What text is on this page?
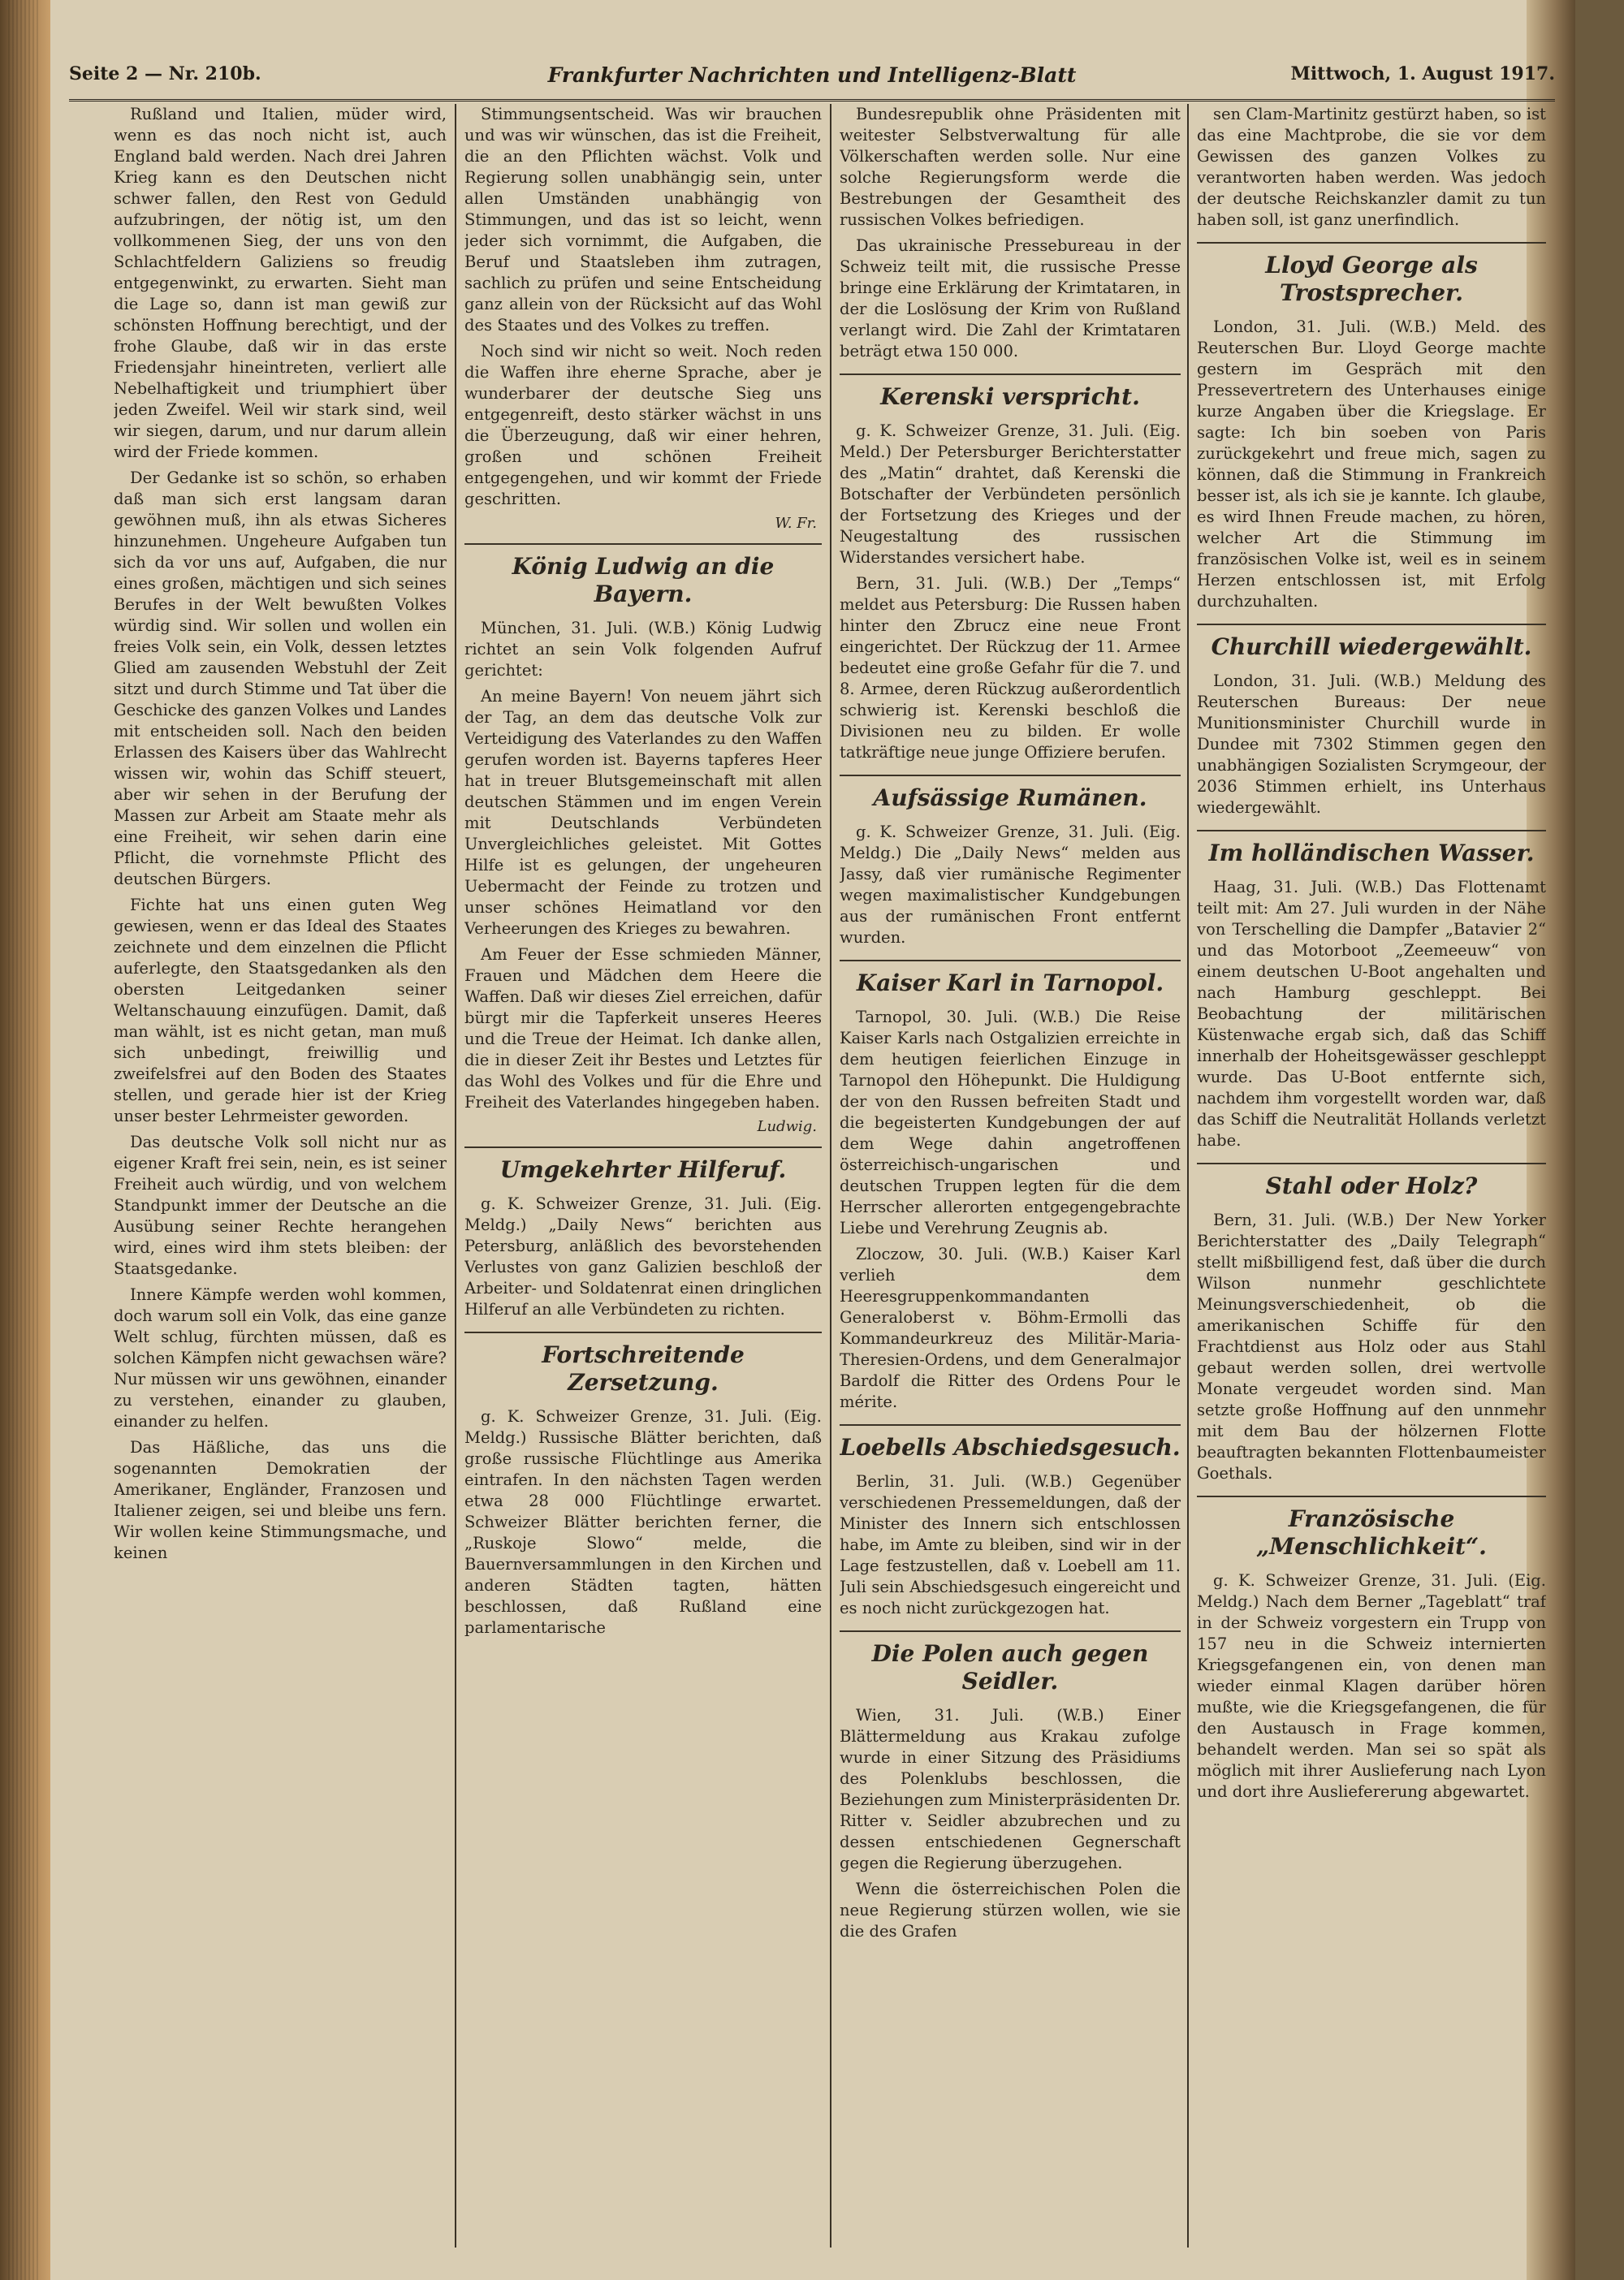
Seite 2 — Nr. 210b.	Frankfurter Nachrichten und Intelligenz-Blatt	Mittwoch, 1. August 1917.

Rußland und Italien, müder wird, wenn es das noch nicht ist, auch England bald werden. Nach drei Jahren Krieg kann es den Deutschen nicht schwer fallen, den Rest von Geduld aufzubringen, der nötig ist, um den vollkommenen Sieg, der uns von den Schlachtfeldern Galiziens so freudig entgegenwinkt, zu erwarten. Sieht man die Lage so, dann ist man gewiß zur schönsten Hoffnung berechtigt, und der frohe Glaube, daß wir in das erste Friedensjahr hineintreten, verliert alle Nebelhaftigkeit und triumphiert über jeden Zweifel. Weil wir stark sind, weil wir siegen, darum, und nur darum allein wird der Friede kommen.

Der Gedanke ist so schön, so erhaben daß man sich erst langsam daran gewöhnen muß, ihn als etwas Sicheres hinzunehmen. Ungeheure Aufgaben tun sich da vor uns auf, Aufgaben, die nur eines großen, mächtigen und sich seines Berufes in der Welt bewußten Volkes würdig sind. Wir sollen und wollen ein freies Volk sein, ein Volk, dessen letztes Glied am zausenden Webstuhl der Zeit sitzt und durch Stimme und Tat über die Geschicke des ganzen Volkes und Landes mit entscheiden soll. Nach den beiden Erlassen des Kaisers über das Wahlrecht wissen wir, wohin das Schiff steuert, aber wir sehen in der Berufung der Massen zur Arbeit am Staate mehr als eine Freiheit, wir sehen darin eine Pflicht, die vornehmste Pflicht des deutschen Bürgers.

Fichte hat uns einen guten Weg gewiesen, wenn er das Ideal des Staates zeichnete und dem einzelnen die Pflicht auferlegte, den Staatsgedanken als den obersten Leitgedanken seiner Weltanschauung einzufügen. Damit, daß man wählt, ist es nicht getan, man muß sich unbedingt, freiwillig und zweifelsfrei auf den Boden des Staates stellen, und gerade hier ist der Krieg unser bester Lehrmeister geworden.

Das deutsche Volk soll nicht nur as eigener Kraft frei sein, nein, es ist seiner Freiheit auch würdig, und von welchem Standpunkt immer der Deutsche an die Ausübung seiner Rechte herangehen wird, eines wird ihm stets bleiben: der Staatsgedanke.

Innere Kämpfe werden wohl kommen, doch warum soll ein Volk, das eine ganze Welt schlug, fürchten müssen, daß es solchen Kämpfen nicht gewachsen wäre? Nur müssen wir uns gewöhnen, einander zu verstehen, einander zu glauben, einander zu helfen.

Das Häßliche, das uns die sogenannten Demokratien der Amerikaner, Engländer, Franzosen und Italiener zeigen, sei und bleibe uns fern. Wir wollen keine Stimmungsmache, und keinen

Stimmungsentscheid. Was wir brauchen und was wir wünschen, das ist die Freiheit, die an den Pflichten wächst. Volk und Regierung sollen unabhängig sein, unter allen Umständen unabhängig von Stimmungen, und das ist so leicht, wenn jeder sich vornimmt, die Aufgaben, die Beruf und Staatsleben ihm zutragen, sachlich zu prüfen und seine Entscheidung ganz allein von der Rücksicht auf das Wohl des Staates und des Volkes zu treffen.

Noch sind wir nicht so weit. Noch reden die Waffen ihre eherne Sprache, aber je wunderbarer der deutsche Sieg uns entgegenreift, desto stärker wächst in uns die Überzeugung, daß wir einer hehren, großen und schönen Freiheit entgegengehen, und wir kommt der Friede geschritten.

W. Fr.
König Ludwig an die Bayern.

München, 31. Juli. (W.B.) König Ludwig richtet an sein Volk folgenden Aufruf gerichtet:

An meine Bayern! Von neuem jährt sich der Tag, an dem das deutsche Volk zur Verteidigung des Vaterlandes zu den Waffen gerufen worden ist. Bayerns tapferes Heer hat in treuer Blutsgemeinschaft mit allen deutschen Stämmen und im engen Verein mit Deutschlands Verbündeten Unvergleichliches geleistet. Mit Gottes Hilfe ist es gelungen, der ungeheuren Uebermacht der Feinde zu trotzen und unser schönes Heimatland vor den Verheerungen des Krieges zu bewahren.

Am Feuer der Esse schmieden Männer, Frauen und Mädchen dem Heere die Waffen. Daß wir dieses Ziel erreichen, dafür bürgt mir die Tapferkeit unseres Heeres und die Treue der Heimat. Ich danke allen, die in dieser Zeit ihr Bestes und Letztes für das Wohl des Volkes und für die Ehre und Freiheit des Vaterlandes hingegeben haben.

Ludwig.
Umgekehrter Hilferuf.

g. K. Schweizer Grenze, 31. Juli. (Eig. Meldg.) „Daily News“ berichten aus Petersburg, anläßlich des bevorstehenden Verlustes von ganz Galizien beschloß der Arbeiter- und Soldatenrat einen dringlichen Hilferuf an alle Verbündeten zu richten.

Fortschreitende Zersetzung.

g. K. Schweizer Grenze, 31. Juli. (Eig. Meldg.) Russische Blätter berichten, daß große russische Flüchtlinge aus Amerika eintrafen. In den nächsten Tagen werden etwa 28 000 Flüchtlinge erwartet. Schweizer Blätter berichten ferner, die „Ruskoje Slowo“ melde, die Bauernversammlungen in den Kirchen und anderen Städten tagten, hätten beschlossen, daß Rußland eine parlamentarische

Bundesrepublik ohne Präsidenten mit weitester Selbstverwaltung für alle Völkerschaften werden solle. Nur eine solche Regierungsform werde die Bestrebungen der Gesamtheit des russischen Volkes befriedigen.

Das ukrainische Pressebureau in der Schweiz teilt mit, die russische Presse bringe eine Erklärung der Krimtataren, in der die Loslösung der Krim von Rußland verlangt wird. Die Zahl der Krimtataren beträgt etwa 150 000.

Kerenski verspricht.

g. K. Schweizer Grenze, 31. Juli. (Eig. Meld.) Der Petersburger Berichterstatter des „Matin“ drahtet, daß Kerenski die Botschafter der Verbündeten persönlich der Fortsetzung des Krieges und der Neugestaltung des russischen Widerstandes versichert habe.

Bern, 31. Juli. (W.B.) Der „Temps“ meldet aus Petersburg: Die Russen haben hinter den Zbrucz eine neue Front eingerichtet. Der Rückzug der 11. Armee bedeutet eine große Gefahr für die 7. und 8. Armee, deren Rückzug außerordentlich schwierig ist. Kerenski beschloß die Divisionen neu zu bilden. Er wolle tatkräftige neue junge Offiziere berufen.

Aufsässige Rumänen.

g. K. Schweizer Grenze, 31. Juli. (Eig. Meldg.) Die „Daily News“ melden aus Jassy, daß vier rumänische Regimenter wegen maximalistischer Kundgebungen aus der rumänischen Front entfernt wurden.

Kaiser Karl in Tarnopol.

Tarnopol, 30. Juli. (W.B.) Die Reise Kaiser Karls nach Ostgalizien erreichte in dem heutigen feierlichen Einzuge in Tarnopol den Höhepunkt. Die Huldigung der von den Russen befreiten Stadt und die begeisterten Kundgebungen der auf dem Wege dahin angetroffenen österreichisch-ungarischen und deutschen Truppen legten für die dem Herrscher allerorten entgegengebrachte Liebe und Verehrung Zeugnis ab.

Zloczow, 30. Juli. (W.B.) Kaiser Karl verlieh dem Heeresgruppenkommandanten Generaloberst v. Böhm-Ermolli das Kommandeurkreuz des Militär-Maria-Theresien-Ordens, und dem Generalmajor Bardolf die Ritter des Ordens Pour le mérite.

Loebells Abschiedsgesuch.

Berlin, 31. Juli. (W.B.) Gegenüber verschiedenen Pressemeldungen, daß der Minister des Innern sich entschlossen habe, im Amte zu bleiben, sind wir in der Lage festzustellen, daß v. Loebell am 11. Juli sein Abschiedsgesuch eingereicht und es noch nicht zurückgezogen hat.

Die Polen auch gegen Seidler.

Wien, 31. Juli. (W.B.) Einer Blättermeldung aus Krakau zufolge wurde in einer Sitzung des Präsidiums des Polenklubs beschlossen, die Beziehungen zum Ministerpräsidenten Dr. Ritter v. Seidler abzubrechen und zu dessen entschiedenen Gegnerschaft gegen die Regierung überzugehen.

Wenn die österreichischen Polen die neue Regierung stürzen wollen, wie sie die des Grafen

sen Clam-Martinitz gestürzt haben, so ist das eine Machtprobe, die sie vor dem Gewissen des ganzen Volkes zu verantworten haben werden. Was jedoch der deutsche Reichskanzler damit zu tun haben soll, ist ganz unerfindlich.

Lloyd George als Trostsprecher.

London, 31. Juli. (W.B.) Meld. des Reuterschen Bur. Lloyd George machte gestern im Gespräch mit den Pressevertretern des Unterhauses einige kurze Angaben über die Kriegslage. Er sagte: Ich bin soeben von Paris zurückgekehrt und freue mich, sagen zu können, daß die Stimmung in Frankreich besser ist, als ich sie je kannte. Ich glaube, es wird Ihnen Freude machen, zu hören, welcher Art die Stimmung im französischen Volke ist, weil es in seinem Herzen entschlossen ist, mit Erfolg durchzuhalten.

Churchill wiedergewählt.

London, 31. Juli. (W.B.) Meldung des Reuterschen Bureaus: Der neue Munitionsminister Churchill wurde in Dundee mit 7302 Stimmen gegen den unabhängigen Sozialisten Scrymgeour, der 2036 Stimmen erhielt, ins Unterhaus wiedergewählt.

Im holländischen Wasser.

Haag, 31. Juli. (W.B.) Das Flottenamt teilt mit: Am 27. Juli wurden in der Nähe von Terschelling die Dampfer „Batavier 2“ und das Motorboot „Zeemeeuw“ von einem deutschen U-Boot angehalten und nach Hamburg geschleppt. Bei Beobachtung der militärischen Küstenwache ergab sich, daß das Schiff innerhalb der Hoheitsgewässer geschleppt wurde. Das U-Boot entfernte sich, nachdem ihm vorgestellt worden war, daß das Schiff die Neutralität Hollands verletzt habe.

Stahl oder Holz?

Bern, 31. Juli. (W.B.) Der New Yorker Berichterstatter des „Daily Telegraph“ stellt mißbilligend fest, daß über die durch Wilson nunmehr geschlichtete Meinungsverschiedenheit, ob die amerikanischen Schiffe für den Frachtdienst aus Holz oder aus Stahl gebaut werden sollen, drei wertvolle Monate vergeudet worden sind. Man setzte große Hoffnung auf den unnmehr mit dem Bau der hölzernen Flotte beauftragten bekannten Flottenbaumeister Goethals.

Französische „Menschlichkeit“.

g. K. Schweizer Grenze, 31. Juli. (Eig. Meldg.) Nach dem Berner „Tageblatt“ traf in der Schweiz vorgestern ein Trupp von 157 neu in die Schweiz internierten Kriegsgefangenen ein, von denen man wieder einmal Klagen darüber hören mußte, wie die Kriegsgefangenen, die für den Austausch in Frage kommen, behandelt werden. Man sei so spät als möglich mit ihrer Auslieferung nach Lyon und dort ihre Ausliefererung abgewartet.
